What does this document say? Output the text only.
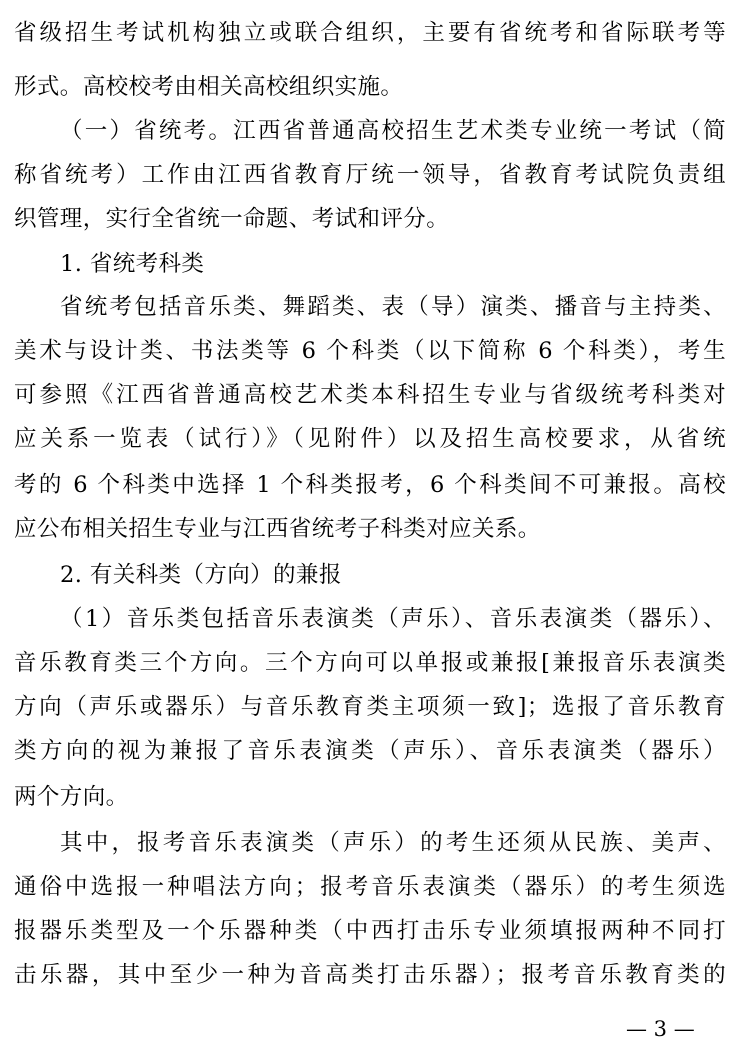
省级招生考试机构独立或联合组织，主要有省统考和省际联考等
形式。高校校考由相关高校组织实施。
（一）省统考。江西省普通高校招生艺术类专业统一考试（简
称省统考）工作由江西省教育厅统一领导，省教育考试院负责组
织管理，实行全省统一命题、考试和评分。
1. 省统考科类
省统考包括音乐类、舞蹈类、表（导）演类、播音与主持类、
美术与设计类、书法类等 6 个科类（以下简称 6 个科类），考生
可参照《江西省普通高校艺术类本科招生专业与省级统考科类对
应关系一览表（试行）》（见附件）以及招生高校要求，从省统
考的 6 个科类中选择 1 个科类报考，6 个科类间不可兼报。高校
应公布相关招生专业与江西省统考子科类对应关系。
2. 有关科类（方向）的兼报
（1）音乐类包括音乐表演类（声乐）、音乐表演类（器乐）、
音乐教育类三个方向。三个方向可以单报或兼报[兼报音乐表演类
方向（声乐或器乐）与音乐教育类主项须一致]；选报了音乐教育
类方向的视为兼报了音乐表演类（声乐）、音乐表演类（器乐）
两个方向。
其中，报考音乐表演类（声乐）的考生还须从民族、美声、
通俗中选报一种唱法方向；报考音乐表演类（器乐）的考生须选
报器乐类型及一个乐器种类（中西打击乐专业须填报两种不同打
击乐器，其中至少一种为音高类打击乐器）；报考音乐教育类的
— 3 —
